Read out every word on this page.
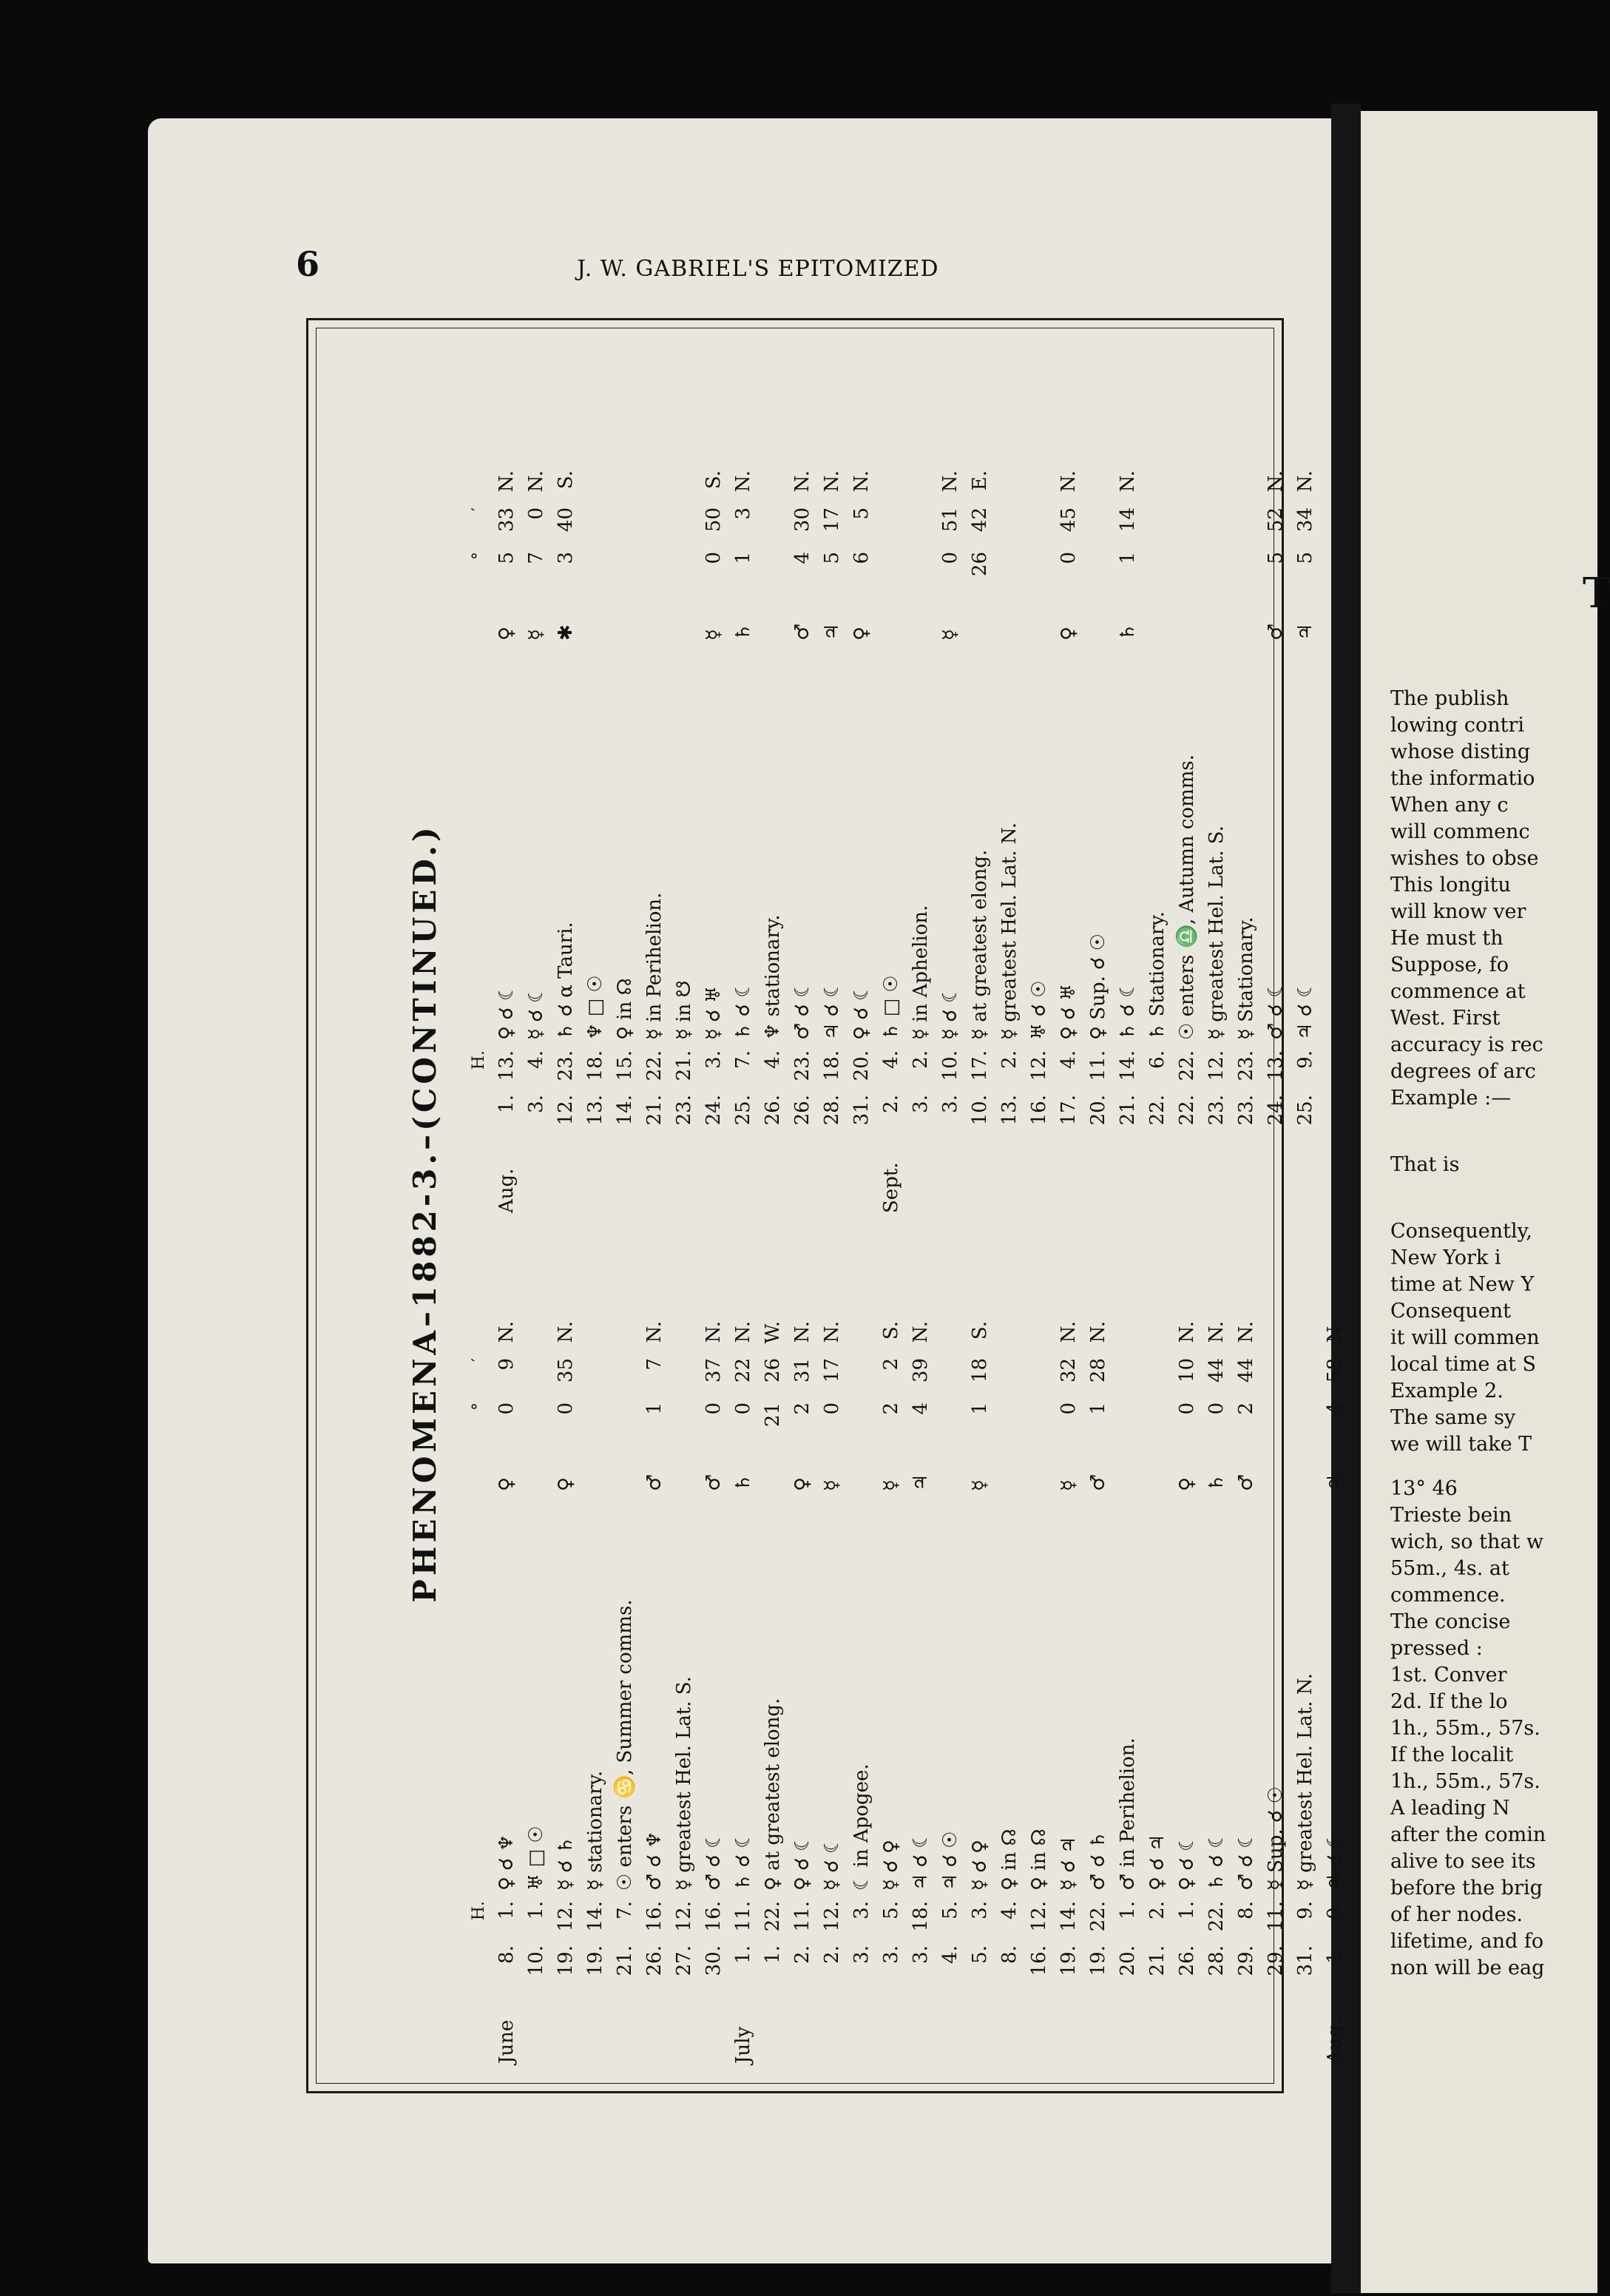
T
The publish
lowing contri
whose disting
the informatio
When any c
will commenc
wishes to obse
This longitu
will know ver
He must th
Suppose, fo
commence at
West. First
accuracy is rec
degrees of arc
Example :—
That is
Consequently,
New York i
time at New Y
Consequent
it will commen
local time at S
Example 2.
The same sy
we will take T
13° 46
Trieste bein
wich, so that w
55m., 4s. at
commence.
The concise
pressed :
1st. Conver
2d. If the lo
1h., 55m., 57s.
If the localit
1h., 55m., 57s.
A leading N
after the comin
alive to see its
before the brig
of her nodes.
lifetime, and fo
non will be eag
6	J. W. GABRIEL'S EPITOMIZED
PHENOMENA–1882-3.–(CONTINUED.)
H.
°
′
June
8.
1.
♀ ☌ ♆
♀
0
9
N.
10.
1.
♅ □ ☉
19.
12.
☿ ☌ ♄
♀
0
35
N.
19.
14.
☿ stationary.
21.
7.
☉ enters ♋, Summer comms.
26.
16.
♂ ☌ ♆
♂
1
7
N.
27.
12.
☿ greatest Hel. Lat. S.
30.
16.
♂ ☌ ☾
♂
0
37
N.
July
1.
11.
♄ ☌ ☾
♄
0
22
N.
1.
22.
♀ at greatest elong.
21
26
W.
2.
11.
♀ ☌ ☾
♀
2
31
N.
2.
12.
☿ ☌ ☾
☿
0
17
N.
3.
3.
☾ in Apogee.
3.
5.
☿ ☌ ♀
☿
2
2
S.
3.
18.
♃ ☌ ☾
♃
4
39
N.
4.
5.
♃ ☌ ☉
5.
3.
☿ ☌ ♀
☿
1
18
S.
8.
4.
♀ in ☊
16.
12.
♀ in ☊
19.
14.
☿ ☌ ♃
☿
0
32
N.
19.
22.
♂ ☌ ♄
♂
1
28
N.
20.
1.
♂ in Perihelion.
21.
2.
♀ ☌ ♃
26.
1.
♀ ☌ ☾
♀
0
10
N.
28.
22.
♄ ☌ ☾
♄
0
44
N.
29.
8.
♂ ☌ ☾
♂
2
44
N.
29.
11.
☿ Sup. ☌ ☉
31.
9.
☿ greatest Hel. Lat. N.
Aug.
1.
0.
♃ ☌ ☾
♃
4
58
N.
H.
°
′
Aug.
1.
13.
♀ ☌ ☾
♀
5
33
N.
3.
4.
☿ ☌ ☾
☿
7
0
N.
12.
23.
♄ ☌ α Tauri.
✱
3
40
S.
13.
18.
♆ □ ☉
14.
15.
♀ in ☊
21.
22.
☿ in Perihelion.
23.
21.
☿ in ☋
24.
3.
☿ ☌ ♅
☿
0
50
S.
25.
7.
♄ ☌ ☾
♄
1
3
N.
26.
4.
♆ stationary.
26.
23.
♂ ☌ ☾
♂
4
30
N.
28.
18.
♃ ☌ ☾
♃
5
17
N.
31.
20.
♀ ☌ ☾
♀
6
5
N.
Sept.
2.
4.
♄ □ ☉
3.
2.
☿ in Aphelion.
3.
10.
☿ ☌ ☾
☿
0
51
N.
10.
17.
☿ at greatest elong.
26
42
E.
13.
2.
☿ greatest Hel. Lat. N.
16.
12.
♅ ☌ ☉
17.
4.
♀ ☌ ♅
♀
0
45
N.
20.
11.
♀ Sup. ☌ ☉
21.
14.
♄ ☌ ☾
♄
1
14
N.
22.
6.
♄ Stationary.
22.
22.
☉ enters ♎, Autumn comms.
23.
12.
☿ greatest Hel. Lat. S.
23.
23.
☿ Stationary.
24.
13.
♂ ☌ ☾
♂
5
52
N.
25.
9.
♃ ☌ ☾
♃
5
34
N.
